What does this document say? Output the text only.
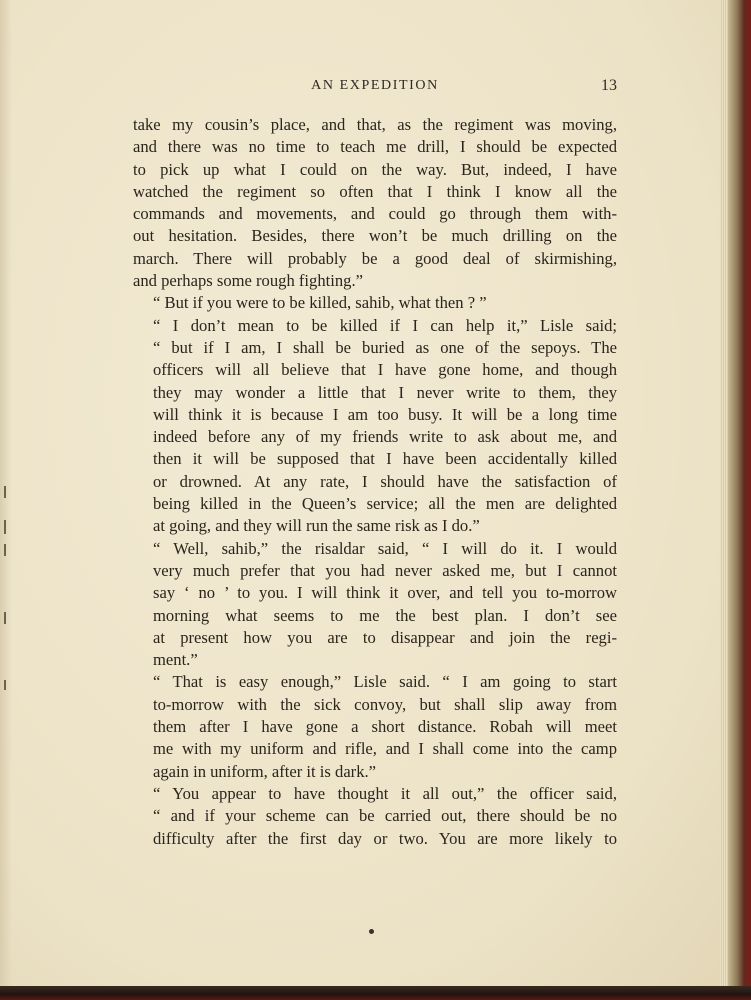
AN EXPEDITION	13

take my cousin’s place, and that, as the regiment was moving,
and there was no time to teach me drill, I should be expected
to pick up what I could on the way. But, indeed, I have
watched the regiment so often that I think I know all the
commands and movements, and could go through them with-
out hesitation. Besides, there won’t be much drilling on the
march. There will probably be a good deal of skirmishing,
and perhaps some rough fighting.”

“ But if you were to be killed, sahib, what then ? ”

“ I don’t mean to be killed if I can help it,” Lisle said;
“ but if I am, I shall be buried as one of the sepoys. The
officers will all believe that I have gone home, and though
they may wonder a little that I never write to them, they
will think it is because I am too busy. It will be a long time
indeed before any of my friends write to ask about me, and
then it will be supposed that I have been accidentally killed
or drowned. At any rate, I should have the satisfaction of
being killed in the Queen’s service; all the men are delighted
at going, and they will run the same risk as I do.”

“ Well, sahib,” the risaldar said, “ I will do it. I would
very much prefer that you had never asked me, but I cannot
say ‘ no ’ to you. I will think it over, and tell you to-morrow
morning what seems to me the best plan. I don’t see
at present how you are to disappear and join the regi-
ment.”

“ That is easy enough,” Lisle said. “ I am going to start
to-morrow with the sick convoy, but shall slip away from
them after I have gone a short distance. Robah will meet
me with my uniform and rifle, and I shall come into the camp
again in uniform, after it is dark.”

“ You appear to have thought it all out,” the officer said,
“ and if your scheme can be carried out, there should be no
difficulty after the first day or two. You are more likely to
